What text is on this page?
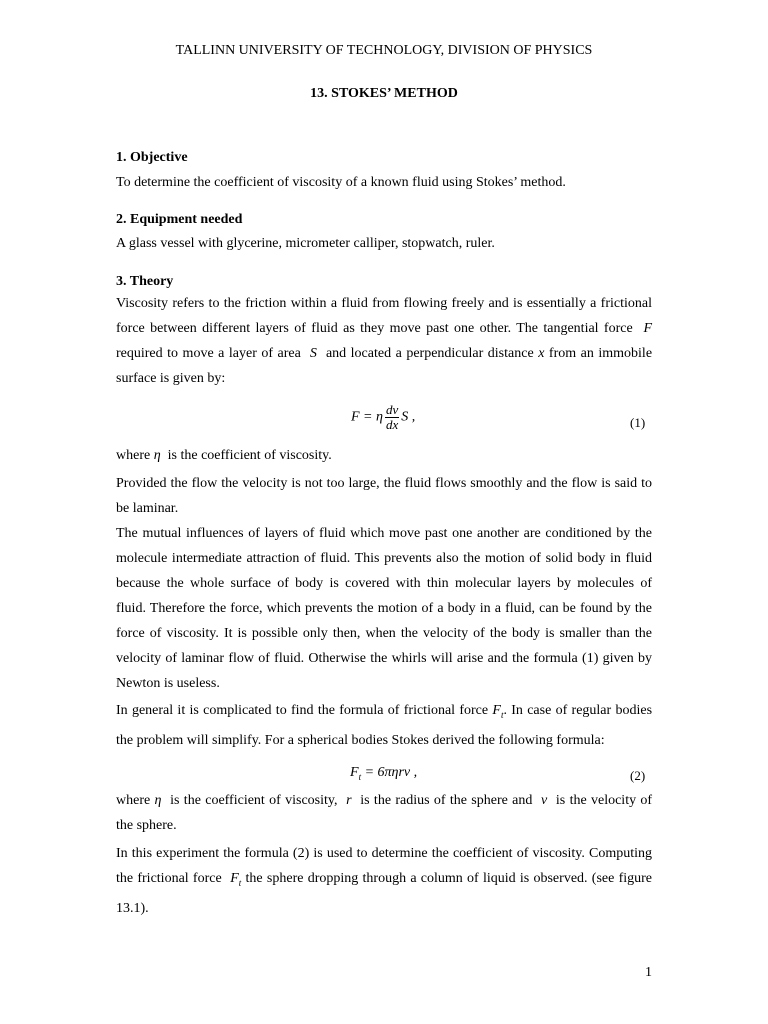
TALLINN UNIVERSITY OF TECHNOLOGY, DIVISION OF PHYSICS
13. STOKES’ METHOD
1. Objective
To determine the coefficient of viscosity of a known fluid using Stokes’ method.
2. Equipment needed
A glass vessel with glycerine, micrometer calliper, stopwatch, ruler.
3. Theory
Viscosity refers to the friction within a fluid from flowing freely and is essentially a frictional
force between different layers of fluid as they move past one other. The tangential force F
required to move a layer of area S and located a perpendicular distance x from an immobile
surface is given by:
F = η $\frac{dv}{dx}$ S ,	(1)
where η is the coefficient of viscosity.
Provided the flow the velocity is not too large, the fluid flows smoothly and the flow is said to
be laminar.
The mutual influences of layers of fluid which move past one another are conditioned by the
molecule intermediate attraction of fluid. This prevents also the motion of solid body in fluid
because the whole surface of body is covered with thin molecular layers by molecules of
fluid. Therefore the force, which prevents the motion of a body in a fluid, can be found by the
force of viscosity. It is possible only then, when the velocity of the body is smaller than the
velocity of laminar flow of fluid. Otherwise the whirls will arise and the formula (1) given by
Newton is useless.
In general it is complicated to find the formula of frictional force $F_t$. In case of regular bodies
the problem will simplify. For a spherical bodies Stokes derived the following formula:
$F_t = 6\pi\eta rv$ ,	(2)
where η is the coefficient of viscosity, r is the radius of the sphere and v is the velocity of
the sphere.
In this experiment the formula (2) is used to determine the coefficient of viscosity. Computing
the frictional force $F_t$ the sphere dropping through a column of liquid is observed. (see figure
13.1).
1
